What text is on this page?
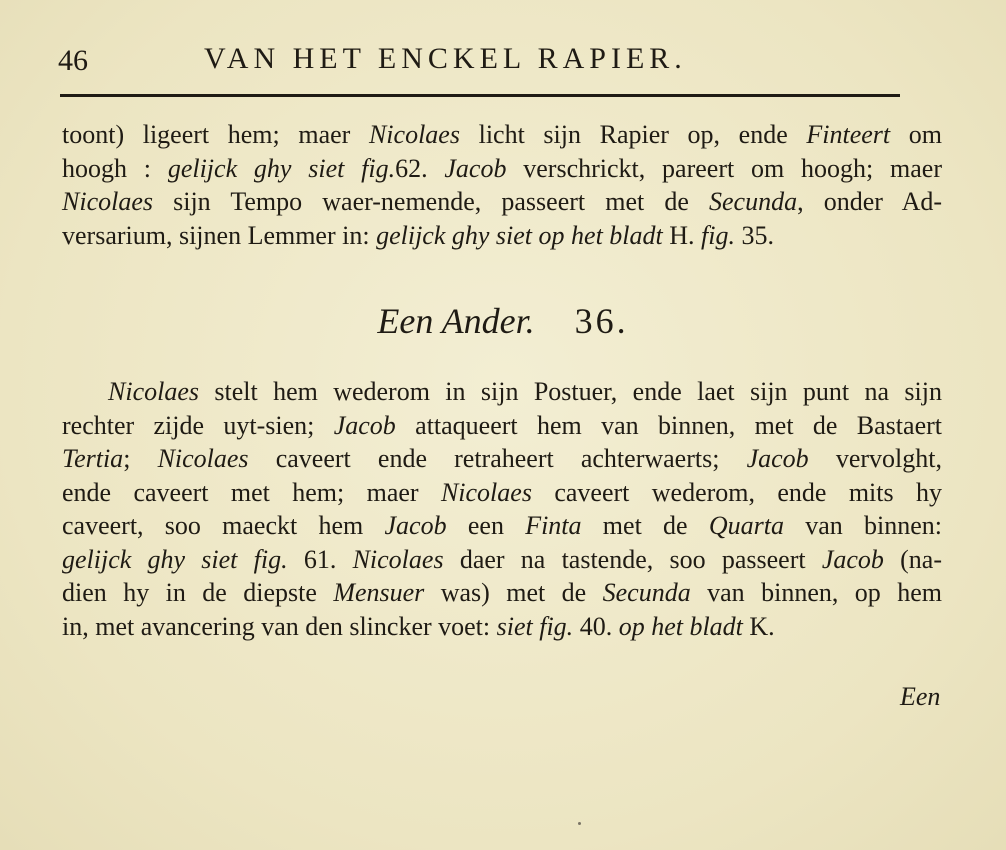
46	VAN HET ENCKEL RAPIER.
toont) ligeert hem; maer Nicolaes licht sijn Rapier op, ende Finteert om
hoogh : gelijck ghy siet fig.62. Jacob verschrickt, pareert om hoogh; maer
Nicolaes sijn Tempo waer-nemende, passeert met de Secunda, onder Ad-
versarium, sijnen Lemmer in: gelijck ghy siet op het bladt H. fig. 35.
Een Ander. 36.
Nicolaes stelt hem wederom in sijn Postuer, ende laet sijn punt na sijn
rechter zijde uyt-sien; Jacob attaqueert hem van binnen, met de Bastaert
Tertia; Nicolaes caveert ende retraheert achterwaerts; Jacob vervolght,
ende caveert met hem; maer Nicolaes caveert wederom, ende mits hy
caveert, soo maeckt hem Jacob een Finta met de Quarta van binnen:
gelijck ghy siet fig. 61. Nicolaes daer na tastende, soo passeert Jacob (na-
dien hy in de diepste Mensuer was) met de Secunda van binnen, op hem
in, met avancering van den slincker voet: siet fig. 40. op het bladt K.
Een
